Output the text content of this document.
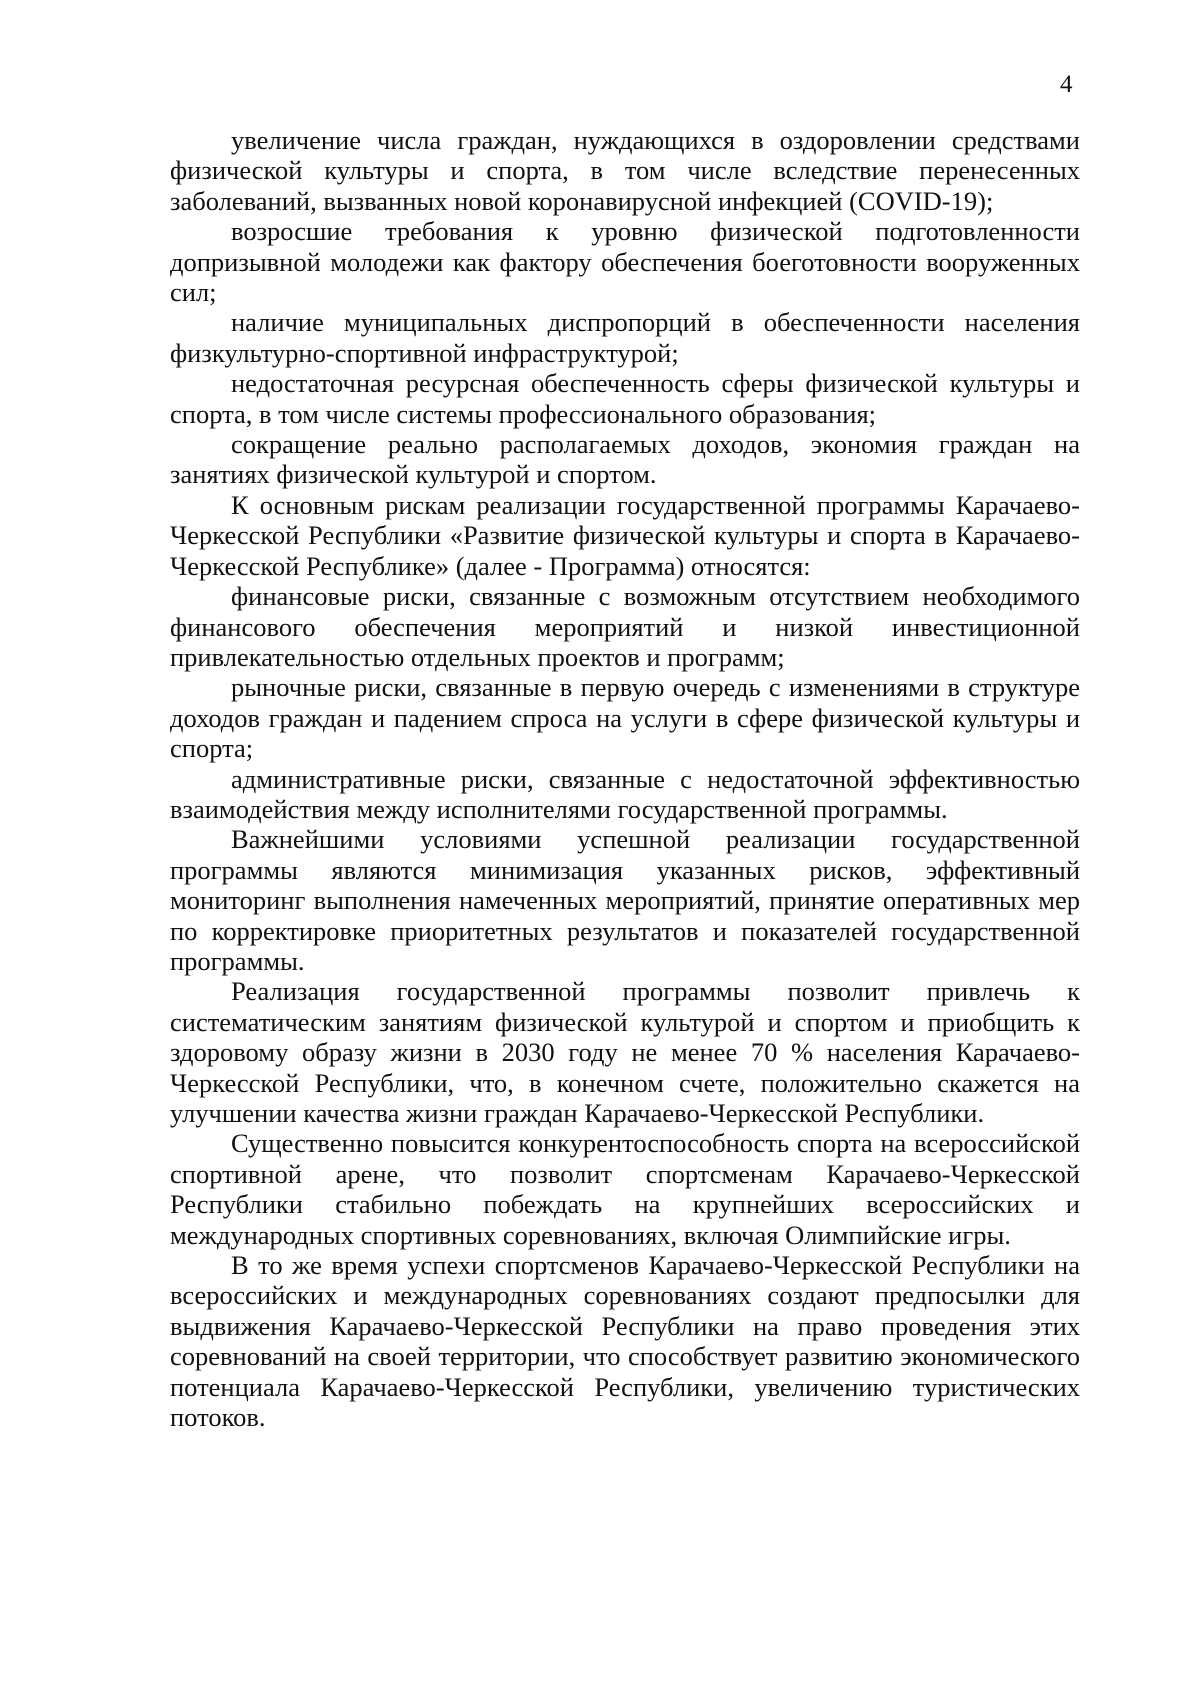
4

увеличение числа граждан, нуждающихся в оздоровлении средствами физической культуры и спорта, в том числе вследствие перенесенных заболеваний, вызванных новой коронавирусной инфекцией (COVID-19);

возросшие требования к уровню физической подготовленности допризывной молодежи как фактору обеспечения боеготовности вооруженных сил;

наличие муниципальных диспропорций в обеспеченности населения физкультурно-спортивной инфраструктурой;

недостаточная ресурсная обеспеченность сферы физической культуры и спорта, в том числе системы профессионального образования;

сокращение реально располагаемых доходов, экономия граждан на занятиях физической культурой и спортом.

К основным рискам реализации государственной программы Карачаево-Черкесской Республики «Развитие физической культуры и спорта в Карачаево-Черкесской Республике» (далее - Программа) относятся:

финансовые риски, связанные с возможным отсутствием необходимого финансового обеспечения мероприятий и низкой инвестиционной привлекательностью отдельных проектов и программ;

рыночные риски, связанные в первую очередь с изменениями в структуре доходов граждан и падением спроса на услуги в сфере физической культуры и спорта;

административные риски, связанные с недостаточной эффективностью взаимодействия между исполнителями государственной программы.

Важнейшими условиями успешной реализации государственной программы являются минимизация указанных рисков, эффективный мониторинг выполнения намеченных мероприятий, принятие оперативных мер по корректировке приоритетных результатов и показателей государственной программы.

Реализация государственной программы позволит привлечь к систематическим занятиям физической культурой и спортом и приобщить к здоровому образу жизни в 2030 году не менее 70 % населения Карачаево-Черкесской Республики, что, в конечном счете, положительно скажется на улучшении качества жизни граждан Карачаево-Черкесской Республики.

Существенно повысится конкурентоспособность спорта на всероссийской спортивной арене, что позволит спортсменам Карачаево-Черкесской Республики стабильно побеждать на крупнейших всероссийских и международных спортивных соревнованиях, включая Олимпийские игры.

В то же время успехи спортсменов Карачаево-Черкесской Республики на всероссийских и международных соревнованиях создают предпосылки для выдвижения Карачаево-Черкесской Республики на право проведения этих соревнований на своей территории, что способствует развитию экономического потенциала Карачаево-Черкесской Республики, увеличению туристических потоков.
